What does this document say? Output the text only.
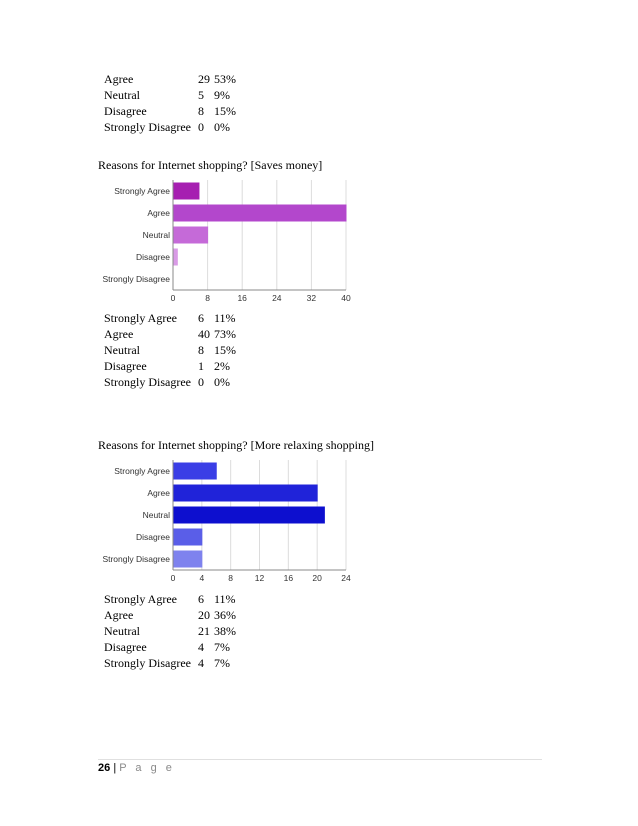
Agree	29	53%
Neutral	5	9%
Disagree	8	15%
Strongly Disagree	0	0%
Reasons for Internet shopping? [Saves money]
0	8	16	24	32	40
Strongly Agree
Agree
Neutral
Disagree
Strongly Disagree
Strongly Agree	6	11%
Agree	40	73%
Neutral	8	15%
Disagree	1	2%
Strongly Disagree	0	0%
Reasons for Internet shopping? [More relaxing shopping]
0	4	8	12 16 20 24
Strongly Agree
Agree
Neutral
Disagree
Strongly Disagree
Strongly Agree	6	11%
Agree	20	36%
Neutral	21	38%
Disagree	4	7%
Strongly Disagree	4	7%
26 | P a g e
